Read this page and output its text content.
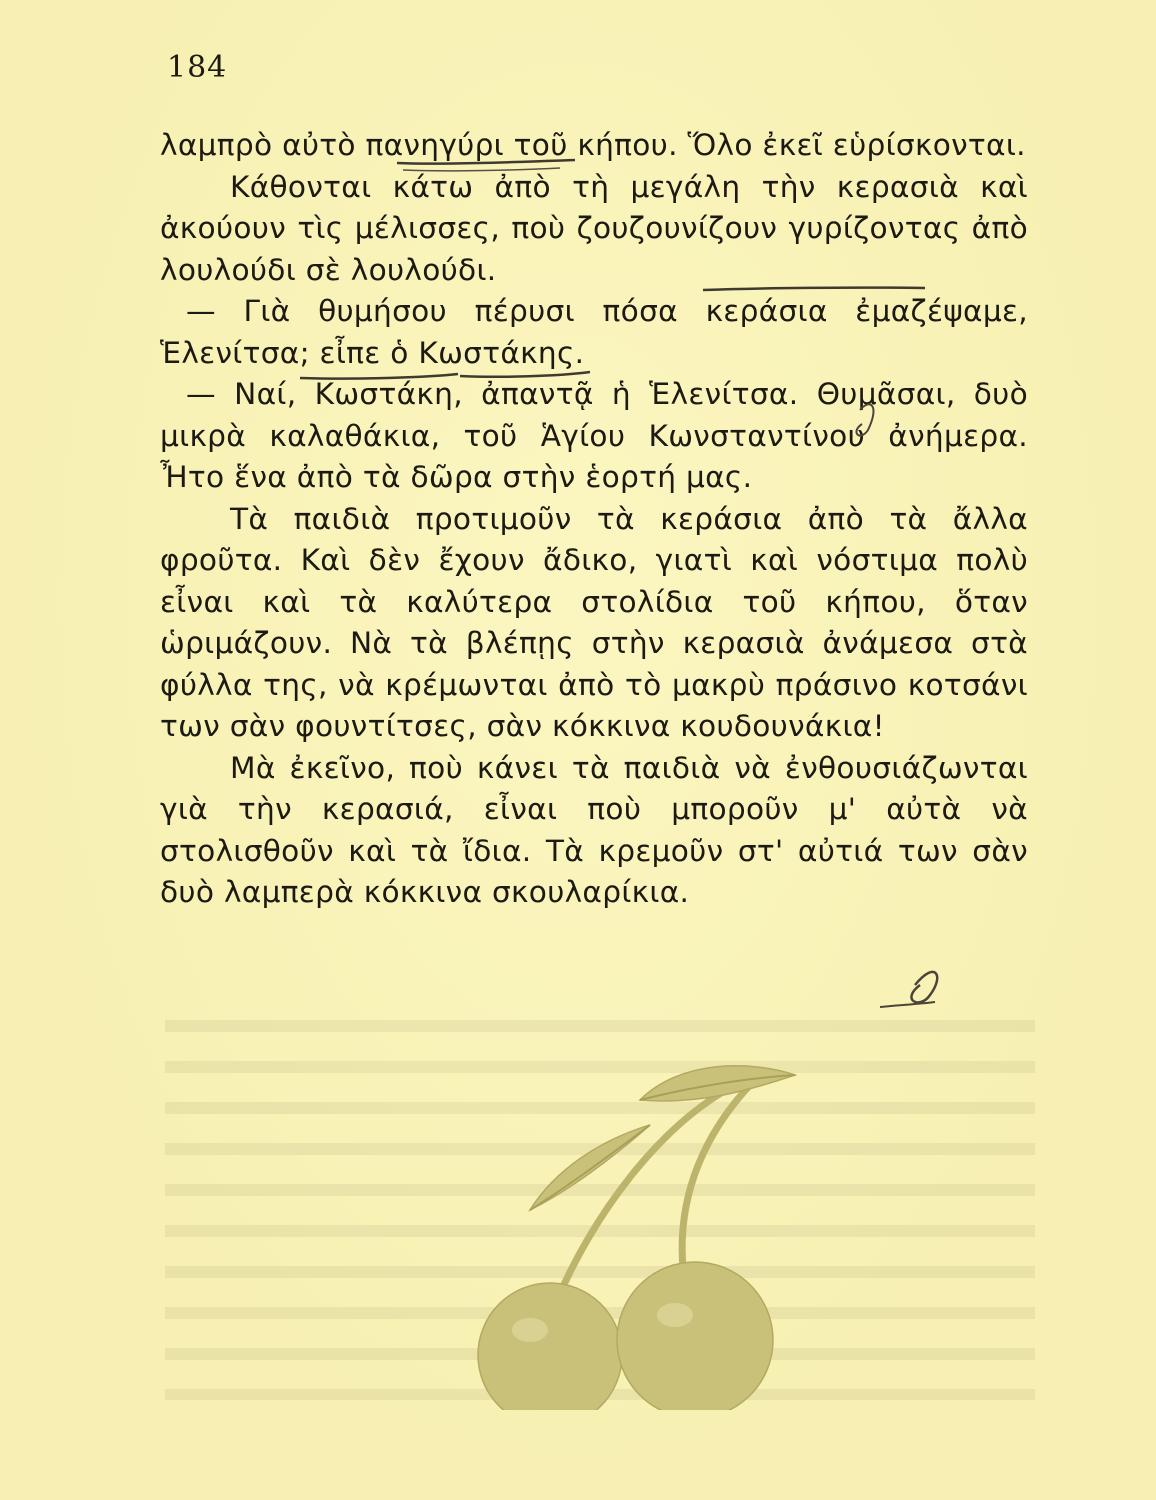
184

λαμπρὸ αὐτὸ πανηγύρι τοῦ κήπου. Ὅλο ἐκεῖ εὑρίσκονται.

Κάθονται κάτω ἀπὸ τὴ μεγάλη τὴν κερασιὰ καὶ ἀκούουν τὶς μέλισσες, ποὺ ζουζουνίζουν γυρίζοντας ἀπὸ λουλούδι σὲ λουλούδι.

— Γιὰ θυμήσου πέρυσι πόσα κεράσια ἐμαζέψαμε, Ἑλενίτσα; εἶπε ὁ Κωστάκης.

— Ναί, Κωστάκη, ἀπαντᾷ ἡ Ἑλενίτσα. Θυμᾶσαι, δυὸ μικρὰ καλαθάκια, τοῦ Ἁγίου Κωνσταντίνου ἀνήμερα. Ἦτο ἕνα ἀπὸ τὰ δῶρα στὴν ἑορτή μας.

Τὰ παιδιὰ προτιμοῦν τὰ κεράσια ἀπὸ τὰ ἄλλα φροῦτα. Καὶ δὲν ἔχουν ἄδικο, γιατὶ καὶ νόστιμα πολὺ εἶναι καὶ τὰ καλύτερα στολίδια τοῦ κήπου, ὅταν ὡριμάζουν. Νὰ τὰ βλέπῃς στὴν κερασιὰ ἀνάμεσα στὰ φύλλα της, νὰ κρέμωνται ἀπὸ τὸ μακρὺ πράσινο κοτσάνι των σὰν φουντίτσες, σὰν κόκκινα κουδουνάκια!

Μὰ ἐκεῖνο, ποὺ κάνει τὰ παιδιὰ νὰ ἐνθουσιάζωνται γιὰ τὴν κερασιά, εἶναι ποὺ μποροῦν μ' αὐτὰ νὰ στολισθοῦν καὶ τὰ ἴδια. Τὰ κρεμοῦν στ' αὐτιά των σὰν δυὸ λαμπερὰ κόκκινα σκουλαρίκια.
